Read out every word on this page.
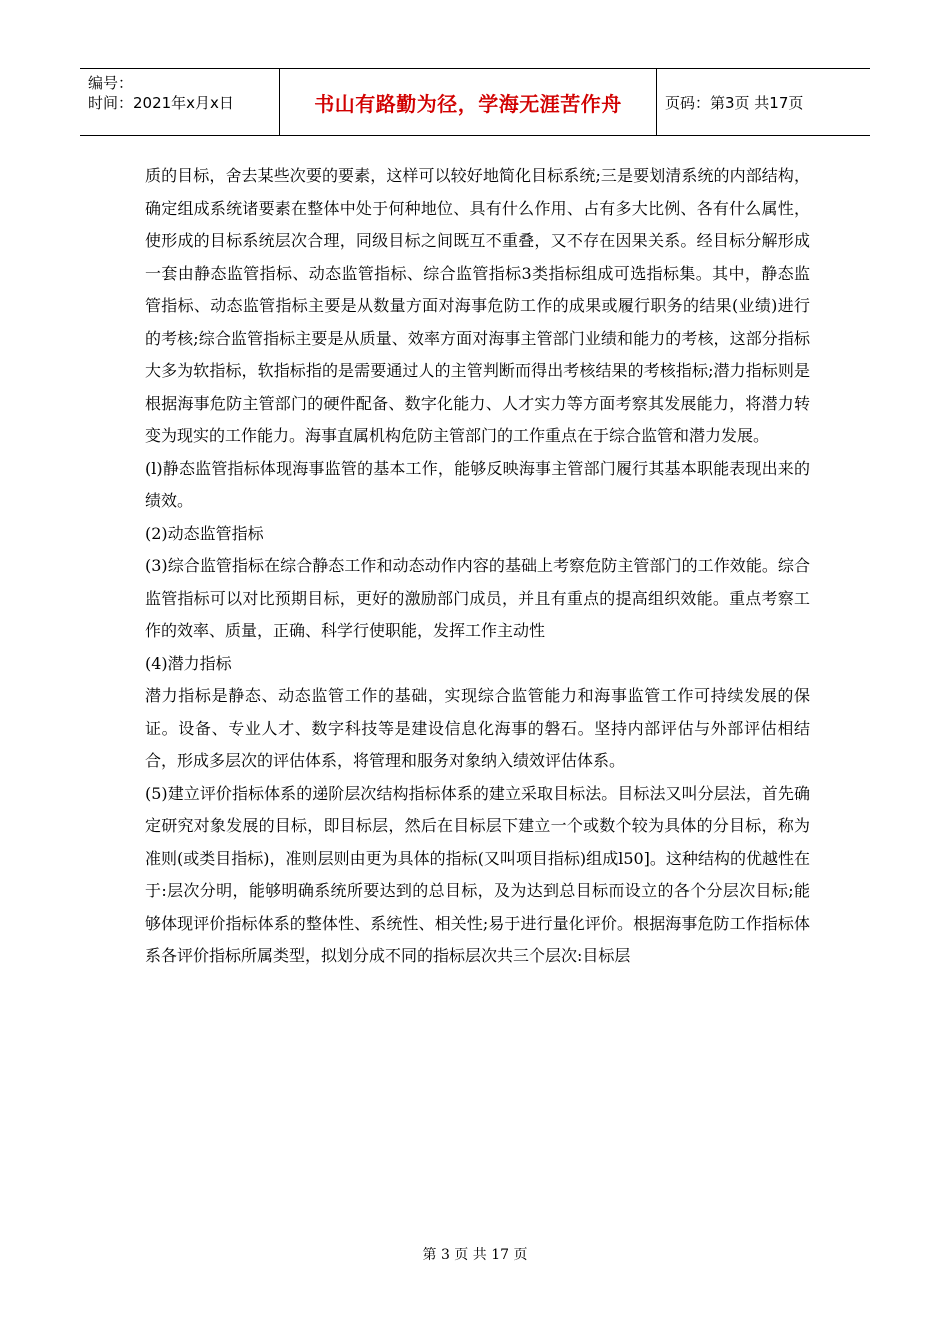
编号：
时间：2021年x月x日	书山有路勤为径，学海无涯苦作舟	页码：第3页 共17页

质的目标，舍去某些次要的要素，这样可以较好地简化目标系统;三是要划清系统的内部结构，确定组成系统诸要素在整体中处于何种地位、具有什么作用、占有多大比例、各有什么属性，使形成的目标系统层次合理，同级目标之间既互不重叠，又不存在因果关系。经目标分解形成一套由静态监管指标、动态监管指标、综合监管指标3类指标组成可选指标集。其中，静态监管指标、动态监管指标主要是从数量方面对海事危防工作的成果或履行职务的结果(业绩)进行的考核;综合监管指标主要是从质量、效率方面对海事主管部门业绩和能力的考核，这部分指标大多为软指标，软指标指的是需要通过人的主管判断而得出考核结果的考核指标;潜力指标则是根据海事危防主管部门的硬件配备、数字化能力、人才实力等方面考察其发展能力，将潜力转变为现实的工作能力。海事直属机构危防主管部门的工作重点在于综合监管和潜力发展。

(l)静态监管指标体现海事监管的基本工作，能够反映海事主管部门履行其基本职能表现出来的绩效。

(2)动态监管指标

(3)综合监管指标在综合静态工作和动态动作内容的基础上考察危防主管部门的工作效能。综合监管指标可以对比预期目标，更好的激励部门成员，并且有重点的提高组织效能。重点考察工作的效率、质量，正确、科学行使职能，发挥工作主动性

(4)潜力指标

潜力指标是静态、动态监管工作的基础，实现综合监管能力和海事监管工作可持续发展的保证。设备、专业人才、数字科技等是建设信息化海事的磐石。坚持内部评估与外部评估相结合，形成多层次的评估体系，将管理和服务对象纳入绩效评估体系。

(5)建立评价指标体系的递阶层次结构指标体系的建立采取目标法。目标法又叫分层法，首先确定研究对象发展的目标，即目标层，然后在目标层下建立一个或数个较为具体的分目标，称为准则(或类目指标)，准则层则由更为具体的指标(又叫项目指标)组成l50]。这种结构的优越性在于:层次分明，能够明确系统所要达到的总目标，及为达到总目标而设立的各个分层次目标;能够体现评价指标体系的整体性、系统性、相关性;易于进行量化评价。根据海事危防工作指标体系各评价指标所属类型，拟划分成不同的指标层次共三个层次:目标层

第 3 页 共 17 页
